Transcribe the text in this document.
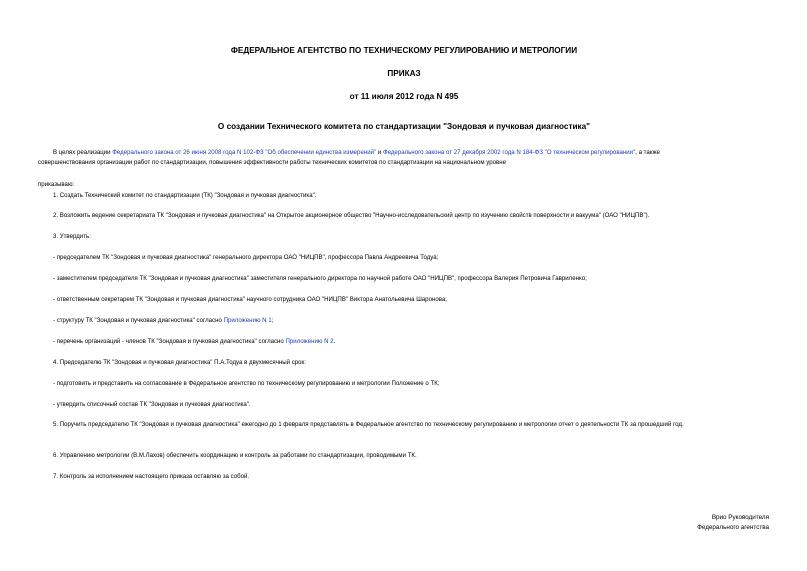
ФЕДЕРАЛЬНОЕ АГЕНТСТВО ПО ТЕХНИЧЕСКОМУ РЕГУЛИРОВАНИЮ И МЕТРОЛОГИИ
ПРИКАЗ
от 11 июля 2012 года N 495
О создании Технического комитета по стандартизации "Зондовая и пучковая диагностика"
В целях реализации Федерального закона от 26 июня 2008 года N 102-ФЗ "Об обеспечении единства измерений" и Федерального закона от 27 декабря 2002 года N 184-ФЗ "О техническом регулировании", а также
совершенствования организации работ по стандартизации, повышения эффективности работы технических комитетов по стандартизации на национальном уровне
приказываю:
1. Создать Технический комитет по стандартизации (ТК) "Зондовая и пучковая диагностика".
2. Возложить ведение секретариата ТК "Зондовая и пучковая диагностика" на Открытое акционерное общество "Научно-исследовательский центр по изучению свойств поверхности и вакуума" (ОАО "НИЦПВ").
3. Утвердить:
- председателем ТК "Зондовая и пучковая диагностика" генерального директора ОАО "НИЦПВ", профессора Павла Андреевича Тодуа;
- заместителем председателя ТК "Зондовая и пучковая диагностика" заместителя генерального директора по научной работе ОАО "НИЦПВ", профессора Валерия Петровича Гавриленко;
- ответственным секретарем ТК "Зондовая и пучковая диагностика" научного сотрудника ОАО "НИЦПВ" Виктора Анатольевича Шаронова;
- структуру ТК "Зондовая и пучковая диагностика" согласно Приложению N 1;
- перечень организаций - членов ТК "Зондовая и пучковая диагностика" согласно Приложению N 2.
4. Председателю ТК "Зондовая и пучковая диагностика" П.А.Тодуа в двухмесячный срок:
- подготовить и представить на согласование в Федеральное агентство по техническому регулированию и метрологии Положение о ТК;
- утвердить списочный состав ТК "Зондовая и пучковая диагностика".
5. Поручить председателю ТК "Зондовая и пучковая диагностика" ежегодно до 1 февраля представлять в Федеральное агентство по техническому регулированию и метрологии отчет о деятельности ТК за прошедший год.
6. Управлению метрологии (В.М.Лахов) обеспечить координацию и контроль за работами по стандартизации, проводимыми ТК.
7. Контроль за исполнением настоящего приказа оставляю за собой.
Врио Руководителя
Федерального агентства
